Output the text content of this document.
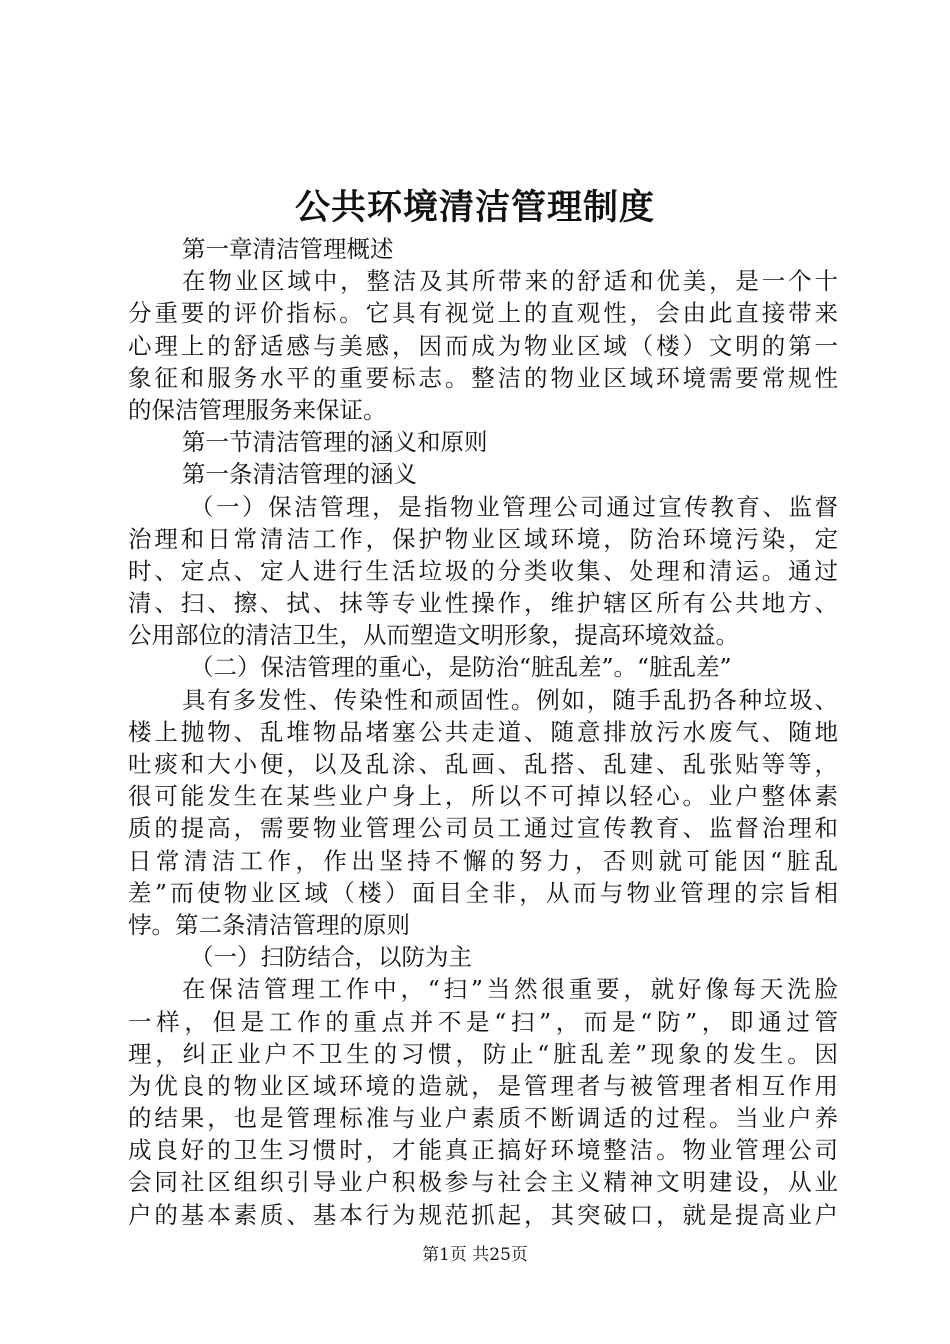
公共环境清洁管理制度
第一章清洁管理概述
在物业区域中，整洁及其所带来的舒适和优美，是一个十
分重要的评价指标。它具有视觉上的直观性，会由此直接带来
心理上的舒适感与美感，因而成为物业区域（楼）文明的第一
象征和服务水平的重要标志。整洁的物业区域环境需要常规性
的保洁管理服务来保证。
第一节清洁管理的涵义和原则
第一条清洁管理的涵义
（一）保洁管理，是指物业管理公司通过宣传教育、监督
治理和日常清洁工作，保护物业区域环境，防治环境污染，定
时、定点、定人进行生活垃圾的分类收集、处理和清运。通过
清、扫、擦、拭、抹等专业性操作，维护辖区所有公共地方、
公用部位的清洁卫生，从而塑造文明形象，提高环境效益。
（二）保洁管理的重心，是防治“脏乱差”。“脏乱差”
具有多发性、传染性和顽固性。例如，随手乱扔各种垃圾、
楼上抛物、乱堆物品堵塞公共走道、随意排放污水废气、随地
吐痰和大小便，以及乱涂、乱画、乱搭、乱建、乱张贴等等，
很可能发生在某些业户身上，所以不可掉以轻心。业户整体素
质的提高，需要物业管理公司员工通过宣传教育、监督治理和
日常清洁工作，作出坚持不懈的努力，否则就可能因“脏乱
差”而使物业区域（楼）面目全非，从而与物业管理的宗旨相
悖。第二条清洁管理的原则
（一）扫防结合，以防为主
在保洁管理工作中，“扫”当然很重要，就好像每天洗脸
一样，但是工作的重点并不是“扫”，而是“防”，即通过管
理，纠正业户不卫生的习惯，防止“脏乱差”现象的发生。因
为优良的物业区域环境的造就，是管理者与被管理者相互作用
的结果，也是管理标准与业户素质不断调适的过程。当业户养
成良好的卫生习惯时，才能真正搞好环境整洁。物业管理公司
会同社区组织引导业户积极参与社会主义精神文明建设，从业
户的基本素质、基本行为规范抓起，其突破口，就是提高业户
第1页 共25页
